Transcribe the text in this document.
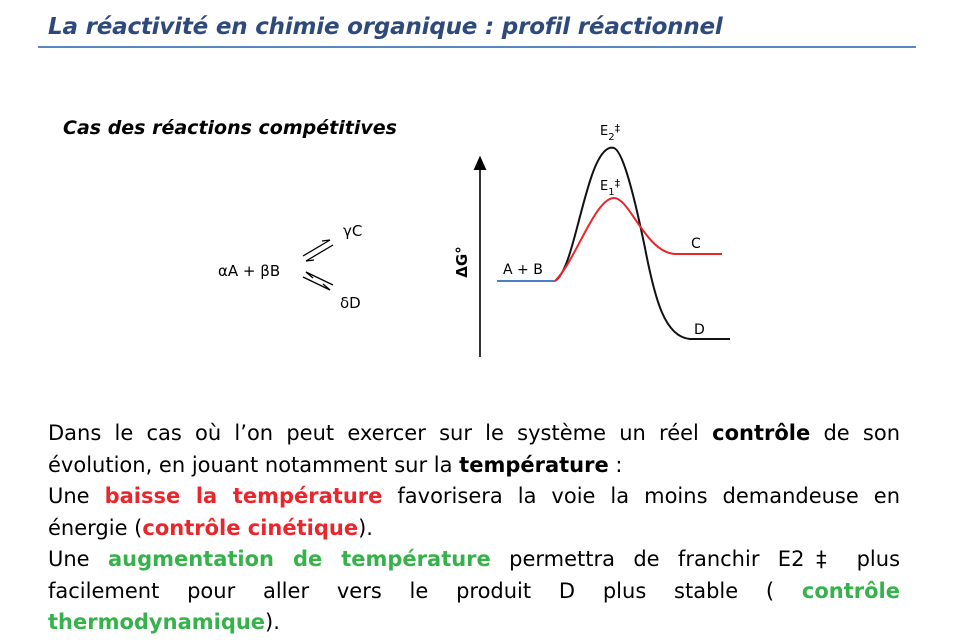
La réactivité en chimie organique : profil réactionnel
Cas des réactions compétitives
αA + βB
γC
δD
ΔG° A + B
$E_2^\ddagger$
$E_1^\ddagger$
C
D

Dans le cas où l’on peut exercer sur le système un réel contrôle de son évolution, en jouant notamment sur la température :

Une baisse la température favorisera la voie la moins demandeuse en énergie (contrôle cinétique).

Une augmentation de température permettra de franchir E2‡ plus facilement pour aller vers le produit D plus stable ( contrôle thermodynamique).
